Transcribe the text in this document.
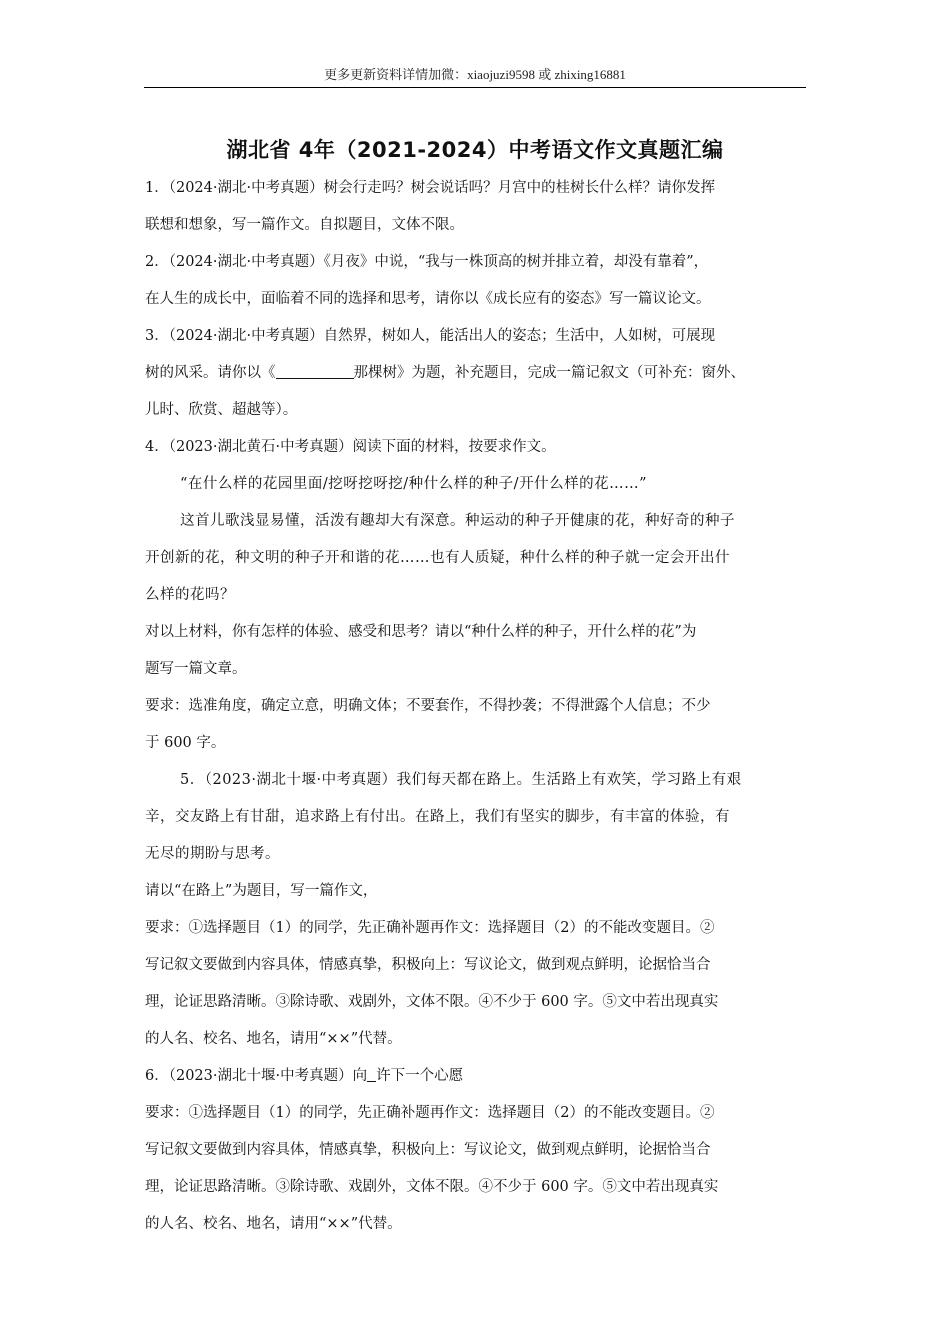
更多更新资料详情加微：xiaojuzi9598 或 zhixing16881
湖北省 4年（2021-2024）中考语文作文真题汇编

1．（2024·湖北·中考真题）树会行走吗？树会说话吗？月宫中的桂树长什么样？请你发挥

联想和想象，写一篇作文。自拟题目，文体不限。

2．（2024·湖北·中考真题）《月夜》中说，“我与一株顶高的树并排立着，却没有靠着”，

在人生的成长中，面临着不同的选择和思考，请你以《成长应有的姿态》写一篇议论文。

3．（2024·湖北·中考真题）自然界，树如人，能活出人的姿态；生活中，人如树，可展现

树的风采。请你以《	那棵树》为题，补充题目，完成一篇记叙文（可补充：窗外、

儿时、欣赏、超越等）。

4．（2023·湖北黄石·中考真题）阅读下面的材料，按要求作文。

“在什么样的花园里面/挖呀挖呀挖/种什么样的种子/开什么样的花……”

这首儿歌浅显易懂，活泼有趣却大有深意。种运动的种子开健康的花，种好奇的种子

开创新的花，种文明的种子开和谐的花……也有人质疑，种什么样的种子就一定会开出什

么样的花吗？

对以上材料，你有怎样的体验、感受和思考？请以“种什么样的种子，开什么样的花”为

题写一篇文章。

要求：选准角度，确定立意，明确文体；不要套作，不得抄袭；不得泄露个人信息；不少

于 600 字。

5．（2023·湖北十堰·中考真题）我们每天都在路上。生活路上有欢笑，学习路上有艰

辛，交友路上有甘甜，追求路上有付出。在路上，我们有坚实的脚步，有丰富的体验，有

无尽的期盼与思考。

请以“在路上”为题目，写一篇作文，

要求：①选择题目（1）的同学，先正确补题再作文：选择题目（2）的不能改变题目。②

写记叙文要做到内容具体，情感真挚，积极向上：写议论文，做到观点鲜明，论据恰当合

理，论证思路清晰。③除诗歌、戏剧外，文体不限。④不少于 600 字。⑤文中若出现真实

的人名、校名、地名，请用“××”代替。

6．（2023·湖北十堰·中考真题）向 许下一个心愿

要求：①选择题目（1）的同学，先正确补题再作文：选择题目（2）的不能改变题目。②

写记叙文要做到内容具体，情感真挚，积极向上：写议论文，做到观点鲜明，论据恰当合

理，论证思路清晰。③除诗歌、戏剧外，文体不限。④不少于 600 字。⑤文中若出现真实

的人名、校名、地名，请用“××”代替。
